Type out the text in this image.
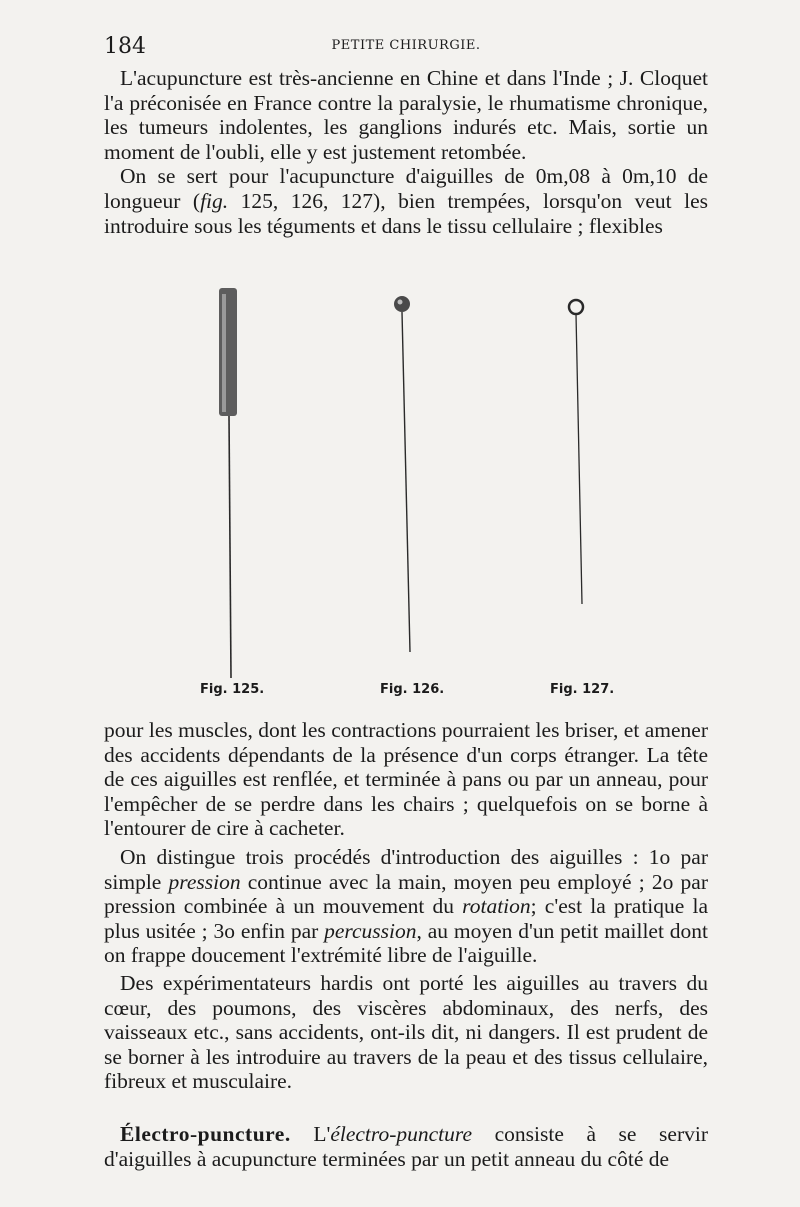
184	PETITE CHIRURGIE.

L'acupuncture est très-ancienne en Chine et dans l'Inde ; J. Cloquet l'a préconisée en France contre la paralysie, le rhumatisme chronique, les tumeurs indolentes, les ganglions indurés etc. Mais, sortie un moment de l'oubli, elle y est justement retombée.
On se sert pour l'acupuncture d'aiguilles de 0m,08 à 0m,10 de longueur (fig. 125, 126, 127), bien trempées, lorsqu'on veut les introduire sous les téguments et dans le tissu cellulaire ; flexibles

Fig. 125.	Fig. 126.	Fig. 127.

pour les muscles, dont les contractions pourraient les briser, et amener des accidents dépendants de la présence d'un corps étranger. La tête de ces aiguilles est renflée, et terminée à pans ou par un anneau, pour l'empêcher de se perdre dans les chairs ; quelquefois on se borne à l'entourer de cire à cacheter.

On distingue trois procédés d'introduction des aiguilles : 1o par simple pression continue avec la main, moyen peu employé ; 2o par pression combinée à un mouvement du rotation; c'est la pratique la plus usitée ; 3o enfin par percussion, au moyen d'un petit maillet dont on frappe doucement l'extrémité libre de l'aiguille.

Des expérimentateurs hardis ont porté les aiguilles au travers du cœur, des poumons, des viscères abdominaux, des nerfs, des vaisseaux etc., sans accidents, ont-ils dit, ni dangers. Il est prudent de se borner à les introduire au travers de la peau et des tissus cellulaire, fibreux et musculaire.

Électro-puncture. L'électro-puncture consiste à se servir d'aiguilles à acupuncture terminées par un petit anneau du côté de
